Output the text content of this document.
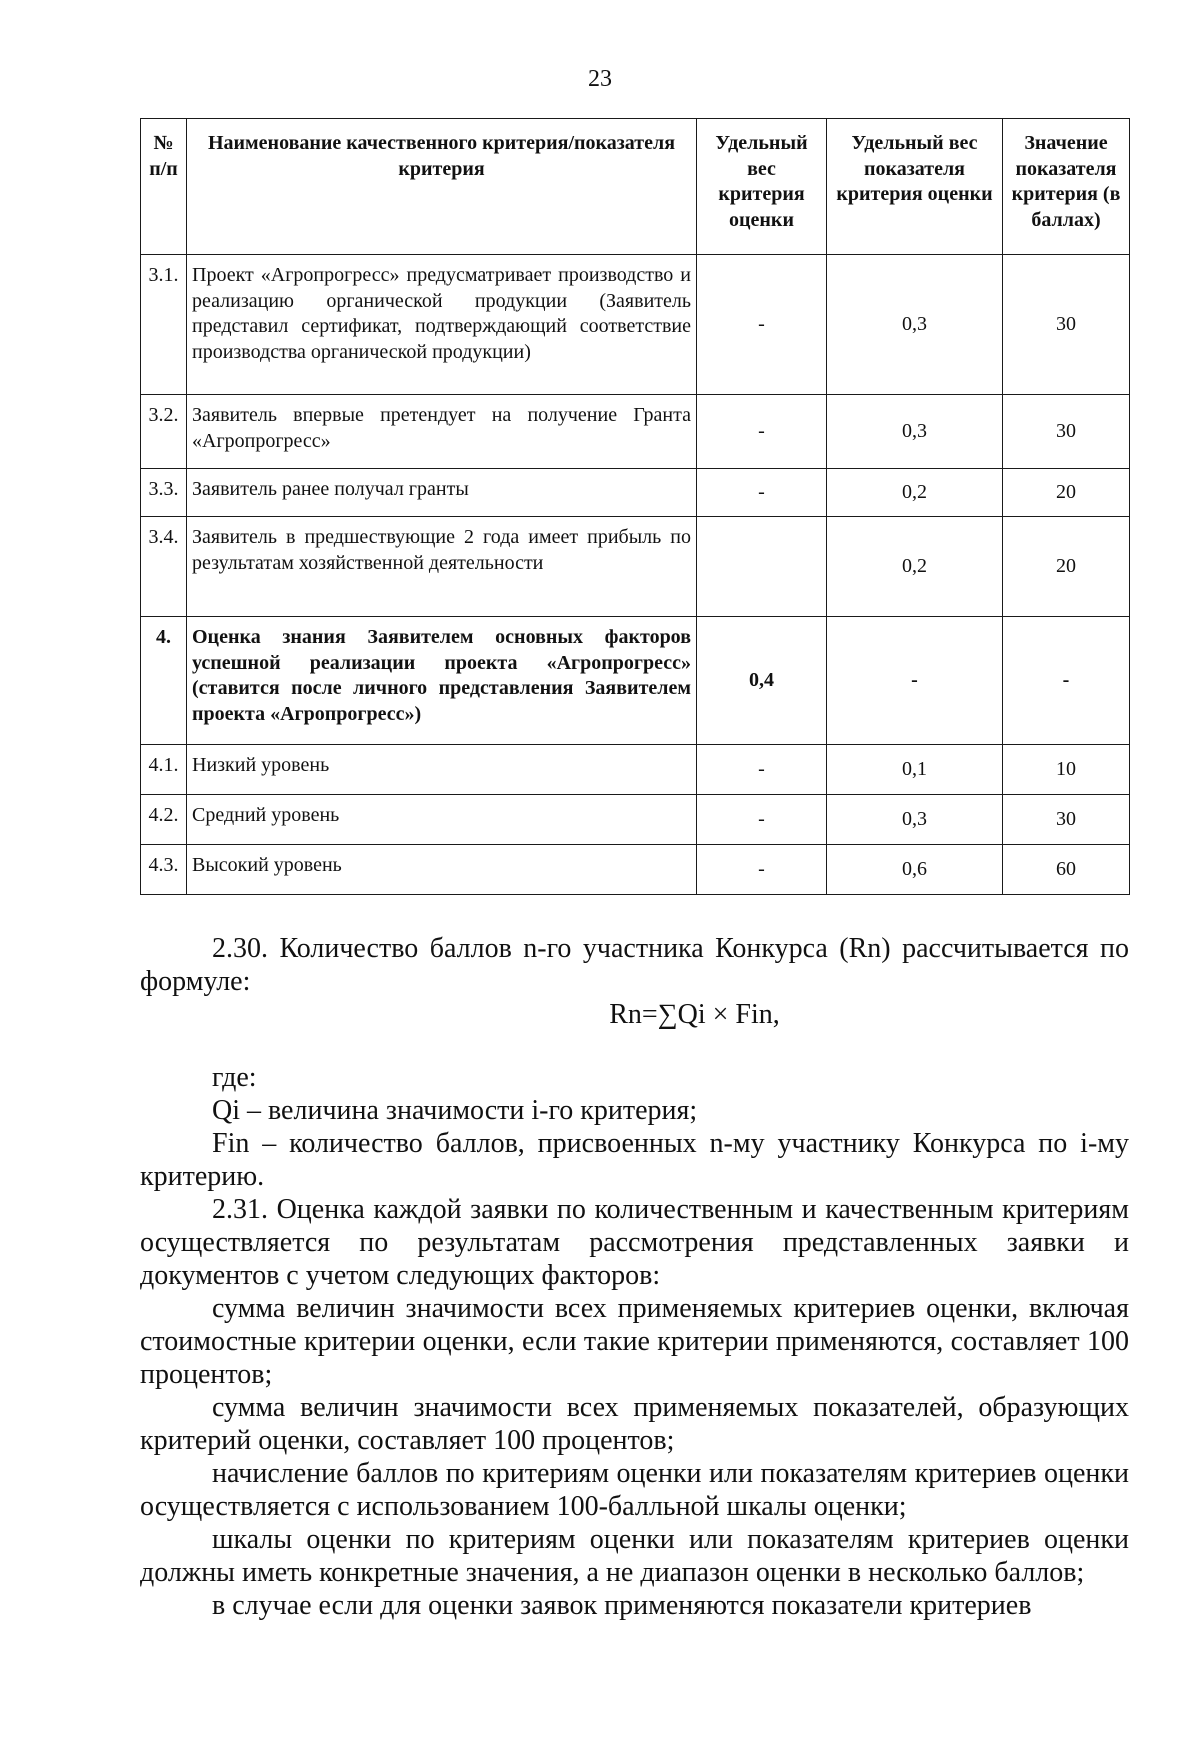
23
№ п/п	Наименование качественного критерия/показателя критерия	Удельный вес критерия оценки	Удельный вес показателя критерия оценки	Значение показателя критерия (в баллах)
3.1.	Проект «Агропрогресс» предусматривает производство и реализацию органической продукции (Заявитель представил сертификат, подтверждающий соответствие производства органической продукции)	-	0,3	30
3.2.	Заявитель впервые претендует на получение Гранта «Агропрогресс»	-	0,3	30
3.3.	Заявитель ранее получал гранты	-	0,2	20
3.4.	Заявитель в предшествующие 2 года имеет прибыль по результатам хозяйственной деятельности		0,2	20
4.	Оценка знания Заявителем основных факторов успешной реализации проекта «Агропрогресс» (ставится после личного представления Заявителем проекта «Агропрогресс»)	0,4	-	-
4.1.	Низкий уровень	-	0,1	10
4.2.	Средний уровень	-	0,3	30
4.3.	Высокий уровень	-	0,6	60

2.30. Количество баллов n-го участника Конкурса (Rn) рассчитывается по формуле:

Rn=∑Qi × Fin,

где:

Qi – величина значимости i-го критерия;

Fin – количество баллов, присвоенных n-му участнику Конкурса по i-му критерию.

2.31. Оценка каждой заявки по количественным и качественным критериям осуществляется по результатам рассмотрения представленных заявки и документов с учетом следующих факторов:

сумма величин значимости всех применяемых критериев оценки, включая стоимостные критерии оценки, если такие критерии применяются, составляет 100 процентов;

сумма величин значимости всех применяемых показателей, образующих критерий оценки, составляет 100 процентов;

начисление баллов по критериям оценки или показателям критериев оценки осуществляется с использованием 100-балльной шкалы оценки;

шкалы оценки по критериям оценки или показателям критериев оценки должны иметь конкретные значения, а не диапазон оценки в несколько баллов;

в случае если для оценки заявок применяются показатели критериев
